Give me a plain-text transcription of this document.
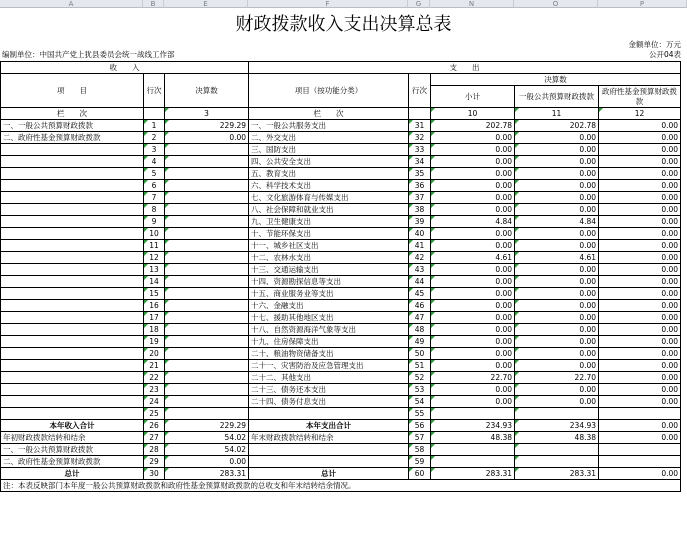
A	B	E	F	G	N	O	P
财政拨款收入支出决算总表
金额单位：万元
公开04表
编制单位：中国共产党上犹县委员会统一战线工作部
收　　入			支　　出				
项　　目	行次	决算数	项目（按功能分类）	行次	决算数		
					小计	一般公共预算财政拨款	政府性基金预算财政拨款
栏　　次		3	栏　　次		10	11	12
一、一般公共预算财政拨款	1	229.29	一、一般公共服务支出	31	202.78	202.78	0.00
二、政府性基金预算财政拨款	2	0.00	二、外交支出	32	0.00	0.00	0.00
	3		三、国防支出	33	0.00	0.00	0.00
	4		四、公共安全支出	34	0.00	0.00	0.00
	5		五、教育支出	35	0.00	0.00	0.00
	6		六、科学技术支出	36	0.00	0.00	0.00
	7		七、文化旅游体育与传媒支出	37	0.00	0.00	0.00
	8		八、社会保障和就业支出	38	0.00	0.00	0.00
	9		九、卫生健康支出	39	4.84	4.84	0.00
	10		十、节能环保支出	40	0.00	0.00	0.00
	11		十一、城乡社区支出	41	0.00	0.00	0.00
	12		十二、农林水支出	42	4.61	4.61	0.00
	13		十三、交通运输支出	43	0.00	0.00	0.00
	14		十四、资源勘探信息等支出	44	0.00	0.00	0.00
	15		十五、商业服务业等支出	45	0.00	0.00	0.00
	16		十六、金融支出	46	0.00	0.00	0.00
	17		十七、援助其他地区支出	47	0.00	0.00	0.00
	18		十八、自然资源海洋气象等支出	48	0.00	0.00	0.00
	19		十九、住房保障支出	49	0.00	0.00	0.00
	20		二十、粮油物资储备支出	50	0.00	0.00	0.00
	21		二十一、灾害防治及应急管理支出	51	0.00	0.00	0.00
	22		二十二、其他支出	52	22.70	22.70	0.00
	23		二十三、债务还本支出	53	0.00	0.00	0.00
	24		二十四、债务付息支出	54	0.00	0.00	0.00
	25			55			
本年收入合计	26	229.29	本年支出合计	56	234.93	234.93	0.00
年初财政拨款结转和结余	27	54.02	年末财政拨款结转和结余	57	48.38	48.38	0.00
一、一般公共预算财政拨款	28	54.02		58			
二、政府性基金预算财政拨款	29	0.00		59			
总计	30	283.31	总计	60	283.31	283.31	0.00
注：本表反映部门本年度一般公共预算财政拨款和政府性基金预算财政拨款的总收支和年末结转结余情况。							
